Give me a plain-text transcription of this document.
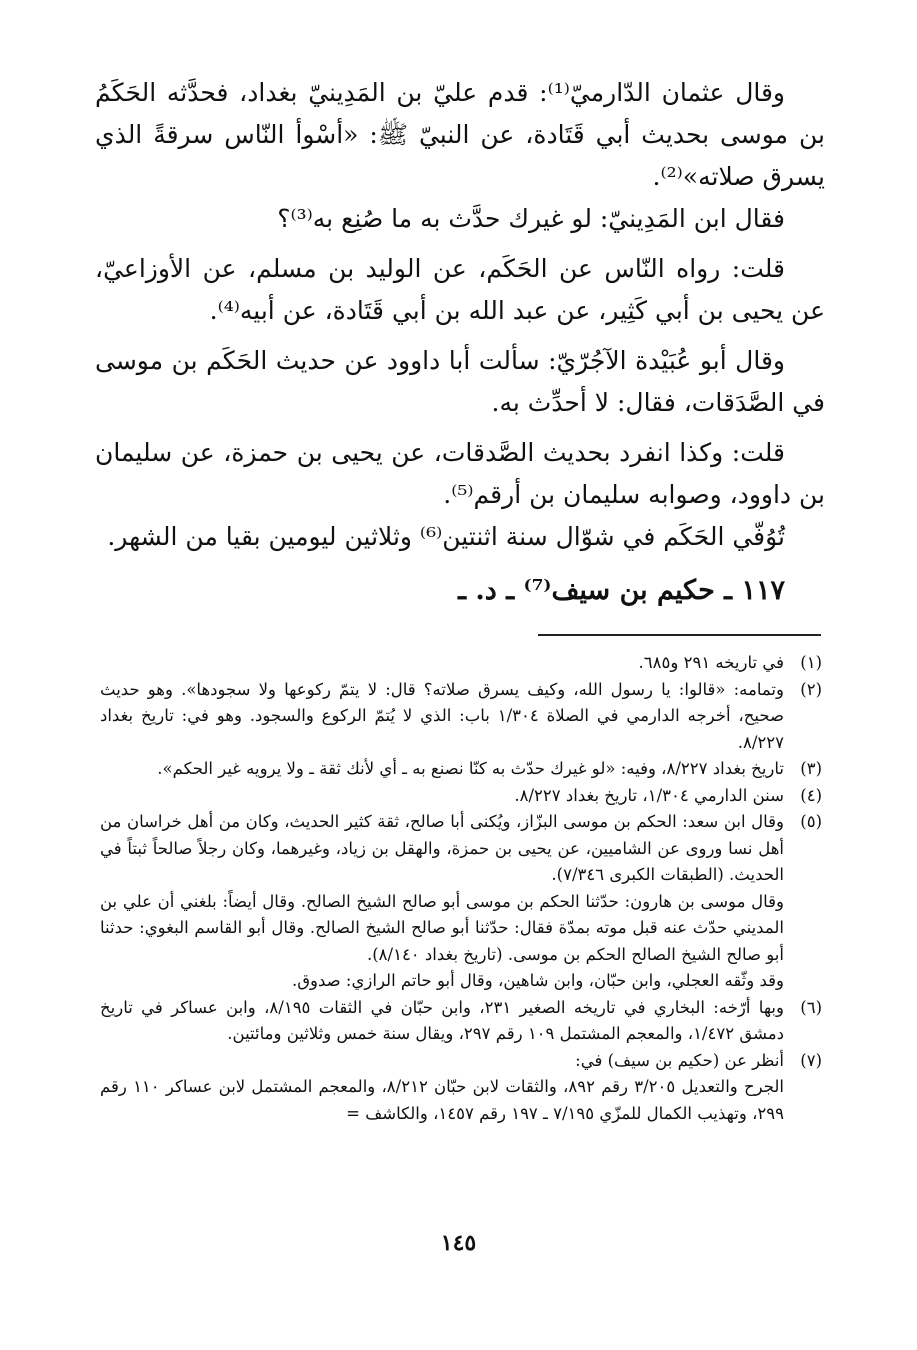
وقال عثمان الدّارميّ⁽¹⁾: قدم عليّ بن المَدِينيّ بغداد، فحدَّثه الحَكَمُ بن موسى بحديث أبي قَتَادة، عن النبيّ ﷺ: «أسْوأ النّاس سرقةً الذي يسرق صلاته»⁽²⁾.

فقال ابن المَدِينيّ: لو غيرك حدَّث به ما صُنِع به⁽³⁾؟

قلت: رواه النّاس عن الحَكَم، عن الوليد بن مسلم، عن الأوزاعيّ، عن يحيى بن أبي كَثِير، عن عبد الله بن أبي قَتَادة، عن أبيه⁽⁴⁾.

وقال أبو عُبَيْدة الآجُرّيّ: سألت أبا داوود عن حديث الحَكَم بن موسى في الصَّدَقات، فقال: لا أحدِّث به.

قلت: وكذا انفرد بحديث الصَّدقات، عن يحيى بن حمزة، عن سليمان بن داوود، وصوابه سليمان بن أرقم⁽⁵⁾.

تُوُفّي الحَكَم في شوّال سنة اثنتين⁽⁶⁾ وثلاثين ليومين بقيا من الشهر.

١١٧ ـ حكيم بن سيف⁽⁷⁾ ـ د. ـ
(١)

في تاريخه ٢٩١ و٦٨٥.

(٢)

وتمامه: «قالوا: يا رسول الله، وكيف يسرق صلاته؟ قال: لا يتمّ ركوعها ولا سجودها». وهو حديث صحيح، أخرجه الدارمي في الصلاة ١/٣٠٤ باب: الذي لا يُتمّ الركوع والسجود. وهو في: تاريخ بغداد ٨/٢٢٧.

(٣)

تاريخ بغداد ٨/٢٢٧، وفيه: «لو غيرك حدّث به كنّا نصنع به ـ أي لأنك ثقة ـ ولا يرويه غير الحكم».

(٤)

سنن الدارمي ١/٣٠٤، تاريخ بغداد ٨/٢٢٧.

(٥)

وقال ابن سعد: الحكم بن موسى البزّاز، ويُكنى أبا صالح، ثقة كثير الحديث، وكان من أهل خراسان من أهل نسا وروى عن الشاميين، عن يحيى بن حمزة، والهقل بن زياد، وغيرهما، وكان رجلاً صالحاً ثبتاً في الحديث. (الطبقات الكبرى ٧/٣٤٦).

وقال موسى بن هارون: حدّثنا الحكم بن موسى أبو صالح الشيخ الصالح. وقال أيضاً: بلغني أن علي بن المديني حدّث عنه قبل موته بمدّة فقال: حدّثنا أبو صالح الشيخ الصالح. وقال أبو القاسم البغوي: حدثنا أبو صالح الشيخ الصالح الحكم بن موسى. (تاريخ بغداد ٨/١٤٠).

وقد وثّقه العجلي، وابن حبّان، وابن شاهين، وقال أبو حاتم الرازي: صدوق.

(٦)

وبها أرّخه: البخاري في تاريخه الصغير ٢٣١، وابن حبّان في الثقات ٨/١٩٥، وابن عساكر في تاريخ دمشق ١/٤٧٢، والمعجم المشتمل ١٠٩ رقم ٢٩٧، ويقال سنة خمس وثلاثين ومائتين.

(٧)

أنظر عن (حكيم بن سيف) في:

الجرح والتعديل ٣/٢٠٥ رقم ٨٩٢، والثقات لابن حبّان ٨/٢١٢، والمعجم المشتمل لابن عساكر ١١٠ رقم ٢٩٩، وتهذيب الكمال للمزّي ٧/١٩٥ ـ ١٩٧ رقم ١٤٥٧، والكاشف =

١٤٥
